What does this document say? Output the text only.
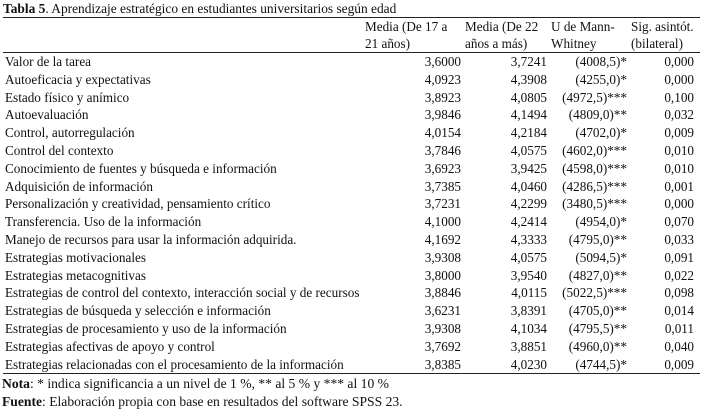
Tabla 5. Aprendizaje estratégico en estudiantes universitarios según edad
	Media (De 17 a 21 años)	Media (De 22 años a más)	U de Mann-Whitney	Sig. asintót. (bilateral)
Valor de la tarea	3,6000	3,7241	(4008,5)*	0,000
Autoeficacia y expectativas	4,0923	4,3908	(4255,0)*	0,000
Estado físico y anímico	3,8923	4,0805	(4972,5)***	0,100
Autoevaluación	3,9846	4,1494	(4809,0)**	0,032
Control, autorregulación	4,0154	4,2184	(4702,0)*	0,009
Control del contexto	3,7846	4,0575	(4602,0)***	0,010
Conocimiento de fuentes y búsqueda e información	3,6923	3,9425	(4598,0)***	0,010
Adquisición de información	3,7385	4,0460	(4286,5)***	0,001
Personalización y creatividad, pensamiento crítico	3,7231	4,2299	(3480,5)***	0,000
Transferencia. Uso de la información	4,1000	4,2414	(4954,0)*	0,070
Manejo de recursos para usar la información adquirida.	4,1692	4,3333	(4795,0)**	0,033
Estrategias motivacionales	3,9308	4,0575	(5094,5)*	0,091
Estrategias metacognitivas	3,8000	3,9540	(4827,0)**	0,022
Estrategias de control del contexto, interacción social y de recursos	3,8846	4,0115	(5022,5)***	0,098
Estrategias de búsqueda y selección e información	3,6231	3,8391	(4705,0)**	0,014
Estrategias de procesamiento y uso de la información	3,9308	4,1034	(4795,5)**	0,011
Estrategias afectivas de apoyo y control	3,7692	3,8851	(4960,0)**	0,040
Estrategias relacionadas con el procesamiento de la información	3,8385	4,0230	(4744,5)*	0,009
Nota: * indica significancia a un nivel de 1 %, ** al 5 % y *** al 10 %
Fuente: Elaboración propia con base en resultados del software SPSS 23.
